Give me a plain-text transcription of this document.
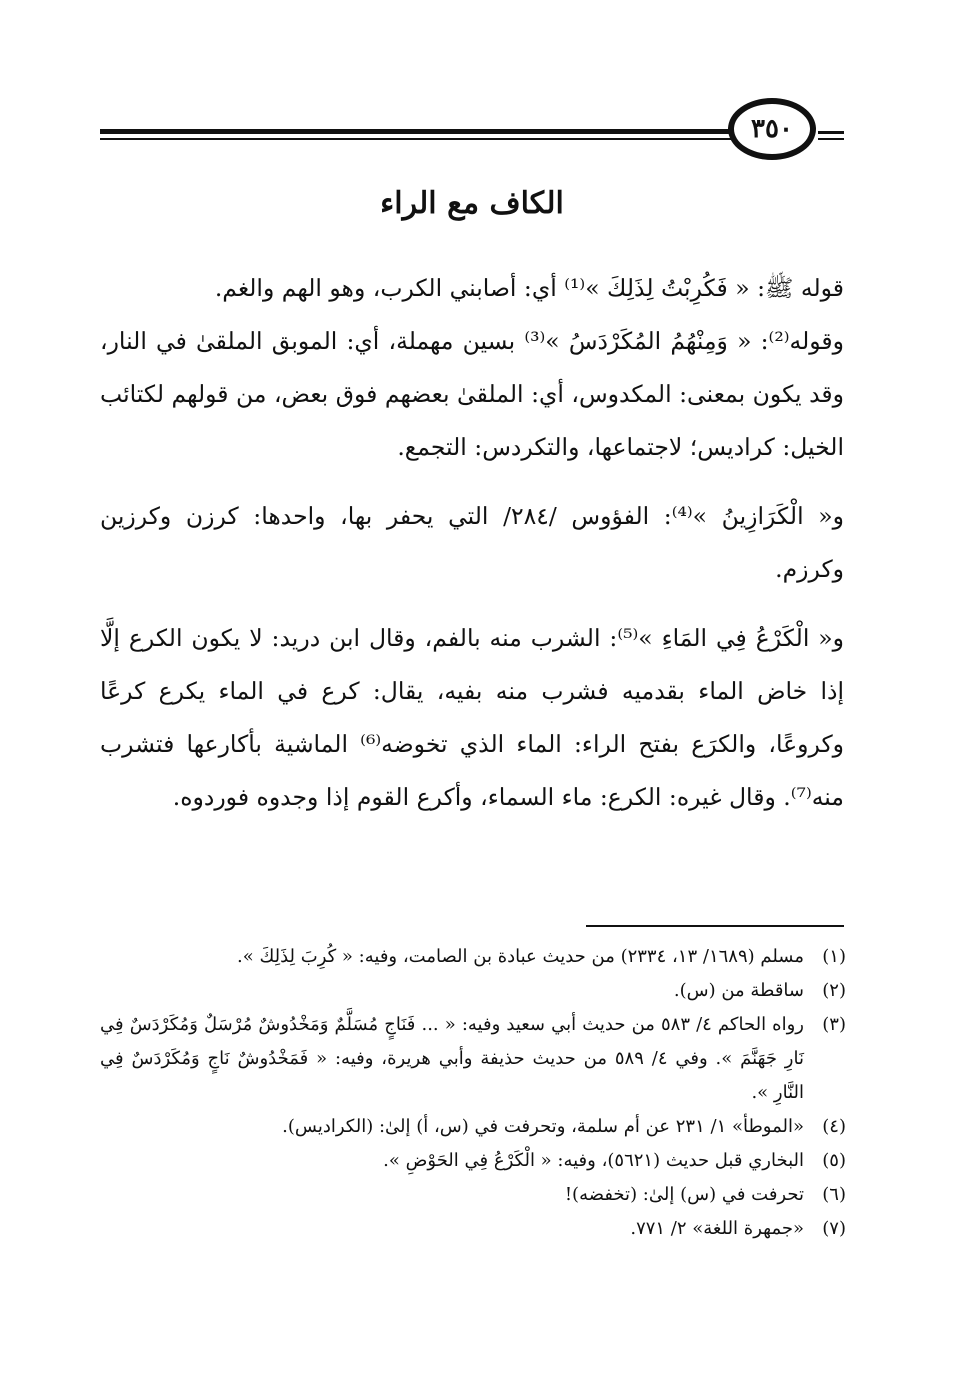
٣٥٠
الكاف مع الراء

قوله ﷺ: « فَكُرِبْتُ لِذَلِكَ »⁽¹⁾ أي: أصابني الكرب، وهو الهم والغم.

وقوله⁽²⁾: « وَمِنْهُمُ المُكَرْدَسُ »⁽³⁾ بسين مهملة، أي: الموبق الملقىٰ في النار، وقد يكون بمعنى: المكدوس، أي: الملقىٰ بعضهم فوق بعض، من قولهم لكتائب الخيل: كراديس؛ لاجتماعها، والتكردس: التجمع.

و« الْكَرَازِينُ »⁽⁴⁾: الفؤوس /٢٨٤/ التي يحفر بها، واحدها: كرزن وكرزين وكرزم.

و« الْكَرْعُ فِي المَاءِ »⁽⁵⁾: الشرب منه بالفم، وقال ابن دريد: لا يكون الكرع إلَّا إذا خاض الماء بقدميه فشرب منه بفيه، يقال: كرع في الماء يكرع كرعًا وكروعًا، والكرَع بفتح الراء: الماء الذي تخوضه⁽⁶⁾ الماشية بأكارعها فتشرب منه⁽⁷⁾. وقال غيره: الكرع: ماء السماء، وأكرع القوم إذا وجدوه فوردوه.

(١)
مسلم (١٦٨٩/ ١٣، ٢٣٣٤) من حديث عبادة بن الصامت، وفيه: « كُرِبَ لِذَلِكَ ».
(٢)
ساقطة من (س).
(٣)
رواه الحاكم ٤/ ٥٨٣ من حديث أبي سعيد وفيه: « ... فَنَاجٍ مُسَلَّمٌ وَمَخْدُوشٌ مُرْسَلٌ وَمُكَرْدَسٌ فِي نَارِ جَهَنَّمَ ». وفي ٤/ ٥٨٩ من حديث حذيفة وأبي هريرة، وفيه: « فَمَخْدُوشٌ نَاجٍ وَمُكَرْدَسٌ فِي النَّارِ ».
(٤)
«الموطأ» ١/ ٢٣١ عن أم سلمة، وتحرفت في (س، أ) إلىٰ: (الكراديس).
(٥)
البخاري قبل حديث (٥٦٢١)، وفيه: « الْكَرْعُ فِي الحَوْضِ ».
(٦)
تحرفت في (س) إلىٰ: (تخفضه)!
(٧)
«جمهرة اللغة» ٢/ ٧٧١.
